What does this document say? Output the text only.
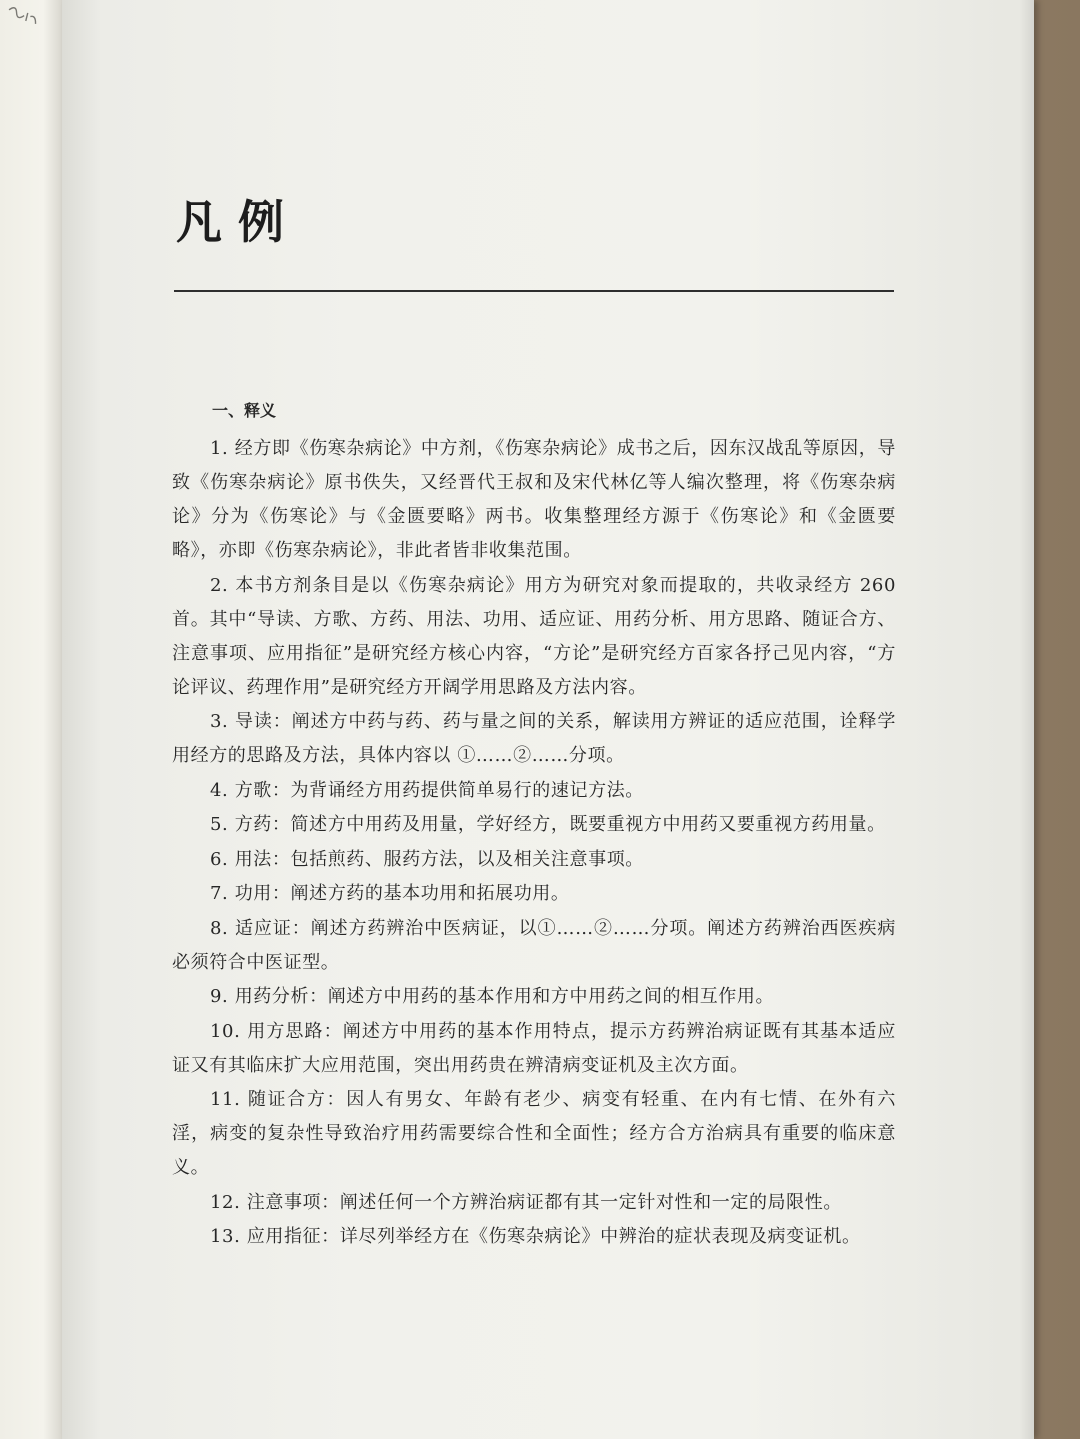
凡例

一、释义

1. 经方即《伤寒杂病论》中方剂，《伤寒杂病论》成书之后，因东汉战乱等原因，导致《伤寒杂病论》原书佚失，又经晋代王叔和及宋代林亿等人编次整理，将《伤寒杂病论》分为《伤寒论》与《金匮要略》两书。收集整理经方源于《伤寒论》和《金匮要略》，亦即《伤寒杂病论》，非此者皆非收集范围。

2. 本书方剂条目是以《伤寒杂病论》用方为研究对象而提取的，共收录经方 260 首。其中“导读、方歌、方药、用法、功用、适应证、用药分析、用方思路、随证合方、注意事项、应用指征”是研究经方核心内容，“方论”是研究经方百家各抒己见内容，“方论评议、药理作用”是研究经方开阔学用思路及方法内容。

3. 导读：阐述方中药与药、药与量之间的关系，解读用方辨证的适应范围，诠释学用经方的思路及方法，具体内容以 ①……②……分项。

4. 方歌：为背诵经方用药提供简单易行的速记方法。

5. 方药：简述方中用药及用量，学好经方，既要重视方中用药又要重视方药用量。

6. 用法：包括煎药、服药方法，以及相关注意事项。

7. 功用：阐述方药的基本功用和拓展功用。

8. 适应证：阐述方药辨治中医病证，以①……②……分项。阐述方药辨治西医疾病必须符合中医证型。

9. 用药分析：阐述方中用药的基本作用和方中用药之间的相互作用。

10. 用方思路：阐述方中用药的基本作用特点，提示方药辨治病证既有其基本适应证又有其临床扩大应用范围，突出用药贵在辨清病变证机及主次方面。

11. 随证合方：因人有男女、年龄有老少、病变有轻重、在内有七情、在外有六淫，病变的复杂性导致治疗用药需要综合性和全面性；经方合方治病具有重要的临床意义。

12. 注意事项：阐述任何一个方辨治病证都有其一定针对性和一定的局限性。

13. 应用指征：详尽列举经方在《伤寒杂病论》中辨治的症状表现及病变证机。
